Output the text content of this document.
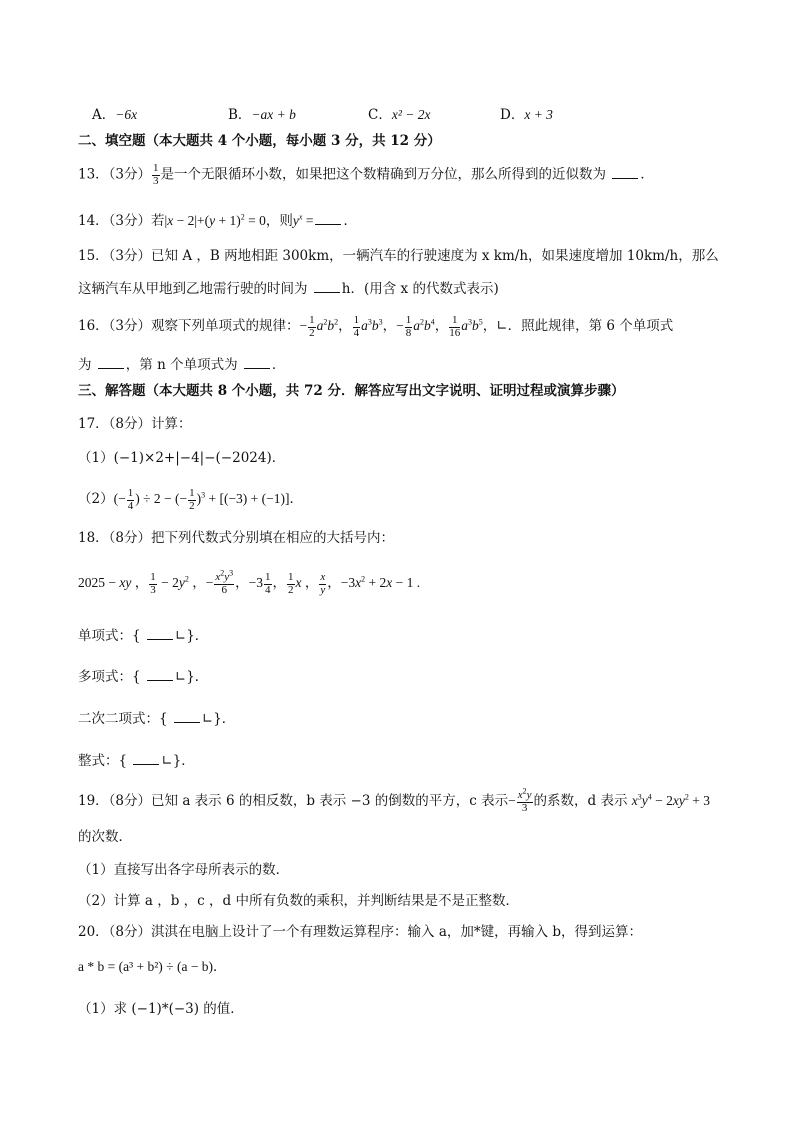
A．−6x	B．−ax + b	C．x² − 2x	D．x + 3
二、填空题（本大题共 4 个小题，每小题 3 分，共 12 分）
13．（3分） $\frac{1}{3}$ 是一个无限循环小数，如果把这个数精确到万分位，那么所得到的近似数为	．
14．（3分）若$|x - 2|+(y + 1)^2 = 0$，则$y^x$ = ．
15．（3分）已知 A ，B 两地相距 300km，一辆汽车的行驶速度为 x km/h，如果速度增加 10km/h，那么
这辆汽车从甲地到乙地需行驶的时间为	h．(用含 x 的代数式表示)
16．（3分）观察下列单项式的规律：− $\frac{1}{2} a^2b^2$， $\frac{1}{4} a^3b^3$，− $\frac{1}{8} a^2b^4$， $\frac{1}{16} a^3b^5$，∟．照此规律，第 6 个单项式
为	，第 n 个单项式为	．
三、解答题（本大题共 8 个小题，共 72 分．解答应写出文字说明、证明过程或演算步骤）
17．（8分）计算：
（1）(−1)×2+|−4|−(−2024)．
$(2)(- \frac{1}{4}$ ) ÷ 2 − (− $\frac{1}{2} )^3 + [(-3) + (-1)]$．
18．（8分）把下列代数式分别填在相应的大括号内：
2025 − xy ， $\frac{1}{3} - 2y^2$ ，− $\frac{x^2y^3}{6}$ ，$-3 \frac{1}{4}$ ， $\frac{1}{2}$ x ， $\frac{x}{y}$ ，$-3x^2 + 2x - 1$ .
单项式：{	∟}．
多项式：{	∟}．
二次二项式：{	∟}．
整式：{	∟}．
19．（8分）已知 a 表示 6 的相反数，b 表示 −3 的倒数的平方，c 表示− $\frac{x^2y}{3}$ 的系数，d 表示 $x^3y^4 - 2xy^2 + 3$
的次数．
（1）直接写出各字母所表示的数．
（2）计算 a ，b ，c ，d 中所有负数的乘积，并判断结果是不是正整数．
20．（8分）淇淇在电脑上设计了一个有理数运算程序：输入 a，加*键，再输入 b，得到运算：
a * b = (a³ + b²) ÷ (a − b)．
（1）求 (−1)*(−3) 的值．
